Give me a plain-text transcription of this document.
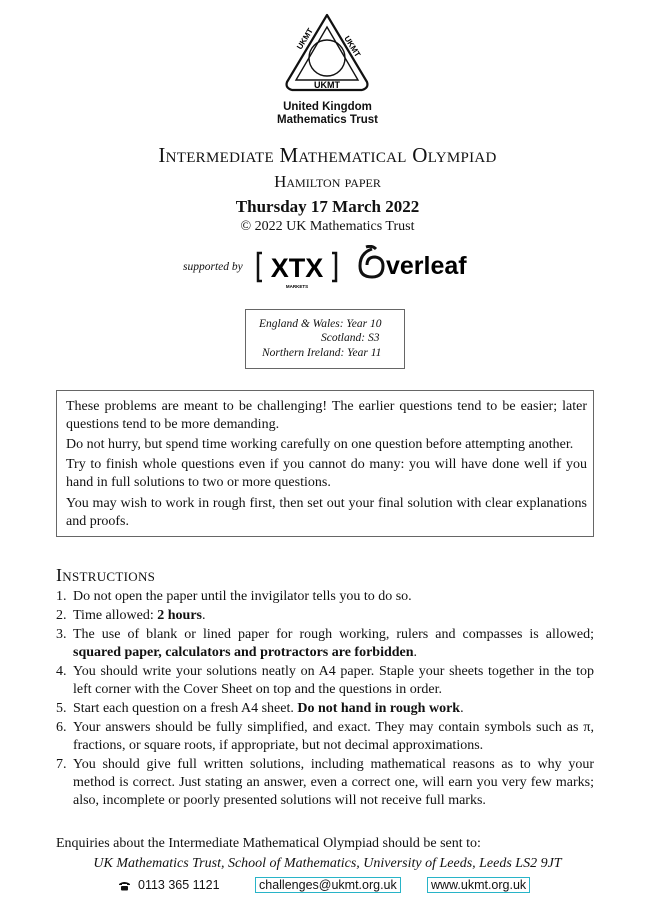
UKMT	UKMT
UKMT
United Kingdom
Mathematics Trust
Intermediate Mathematical Olympiad
Hamilton paper
Thursday 17 March 2022
© 2022 UK Mathematics Trust
supported by XTX
MARKETS
verleaf
England & Wales: Year 10
Scotland: S3
Northern Ireland: Year 11

These problems are meant to be challenging! The earlier questions tend to be easier; later questions tend to be more demanding.

Do not hurry, but spend time working carefully on one question before attempting another.

Try to finish whole questions even if you cannot do many: you will have done well if you hand in full solutions to two or more questions.

You may wish to work in rough first, then set out your final solution with clear explanations and proofs.

Instructions
1. Do not open the paper until the invigilator tells you to do so.
2. Time allowed: 2 hours.
3. The use of blank or lined paper for rough working, rulers and compasses is allowed; squared paper, calculators and protractors are forbidden.
4. You should write your solutions neatly on A4 paper. Staple your sheets together in the top left corner with the Cover Sheet on top and the questions in order.
5. Start each question on a fresh A4 sheet. Do not hand in rough work.
6. Your answers should be fully simplified, and exact. They may contain symbols such as π, fractions, or square roots, if appropriate, but not decimal approximations.
7. You should give full written solutions, including mathematical reasons as to why your method is correct. Just stating an answer, even a correct one, will earn you very few marks; also, incomplete or poorly presented solutions will not receive full marks.
Enquiries about the Intermediate Mathematical Olympiad should be sent to:
UK Mathematics Trust, School of Mathematics, University of Leeds, Leeds LS2 9JT
0113 365 1121	challenges@ukmt.org.uk	www.ukmt.org.uk
